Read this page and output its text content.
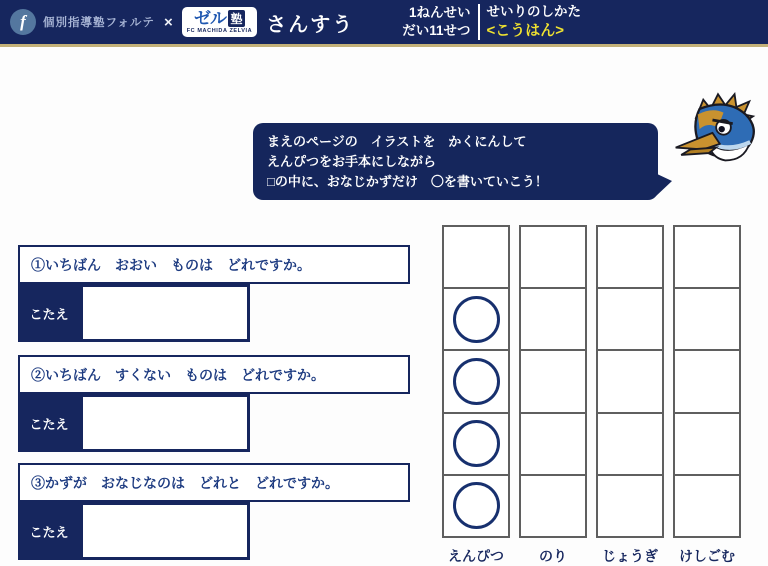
f	個別指導塾フォルテ × ゼル 塾
FC MACHIDA ZELVIA さんすう
1ねんせい
だい11せつ
せいりのしかた
<こうはん>
まえのページの　イラストを　かくにんして
えんぴつをお手本にしながら
□の中に、おなじかずだけ　〇を書いていこう！
①いちばん　おおい　ものは　どれですか。
こたえ
②いちばん　すくない　ものは　どれですか。
こたえ
③かずが　おなじなのは　どれと　どれですか。
こたえ
えんぴつ	のり	じょうぎ	けしごむ
